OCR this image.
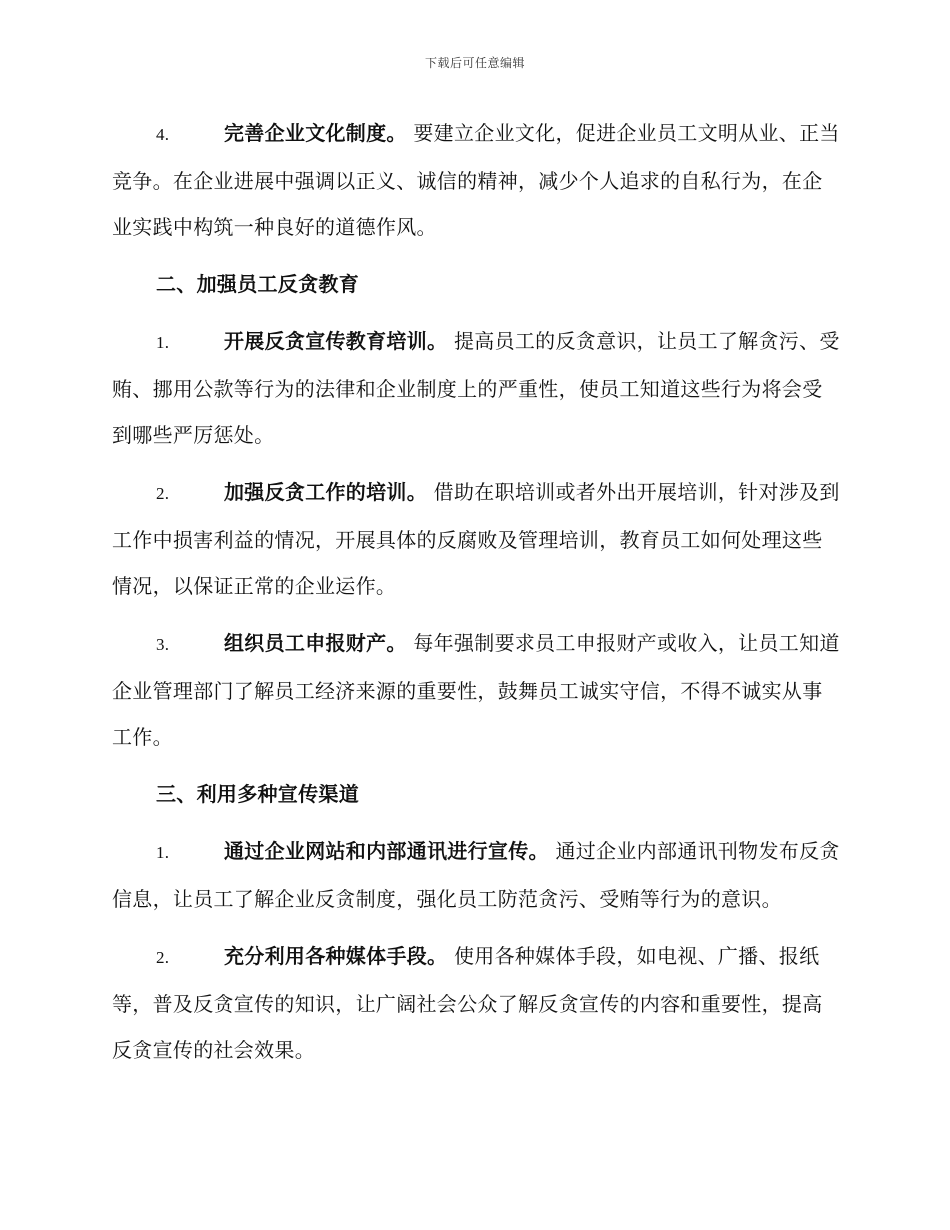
下载后可任意编辑

4.	完善企业文化制度。 要建立企业文化，促进企业员工文明从业、正当竞争。在企业进展中强调以正义、诚信的精神，减少个人追求的自私行为，在企业实践中构筑一种良好的道德作风。

二、加强员工反贪教育

1.	开展反贪宣传教育培训。 提高员工的反贪意识，让员工了解贪污、受贿、挪用公款等行为的法律和企业制度上的严重性，使员工知道这些行为将会受到哪些严厉惩处。

2.	加强反贪工作的培训。 借助在职培训或者外出开展培训，针对涉及到工作中损害利益的情况，开展具体的反腐败及管理培训，教育员工如何处理这些情况，以保证正常的企业运作。

3.	组织员工申报财产。 每年强制要求员工申报财产或收入，让员工知道企业管理部门了解员工经济来源的重要性，鼓舞员工诚实守信，不得不诚实从事工作。

三、利用多种宣传渠道

1.	通过企业网站和内部通讯进行宣传。 通过企业内部通讯刊物发布反贪信息，让员工了解企业反贪制度，强化员工防范贪污、受贿等行为的意识。

2.	充分利用各种媒体手段。 使用各种媒体手段，如电视、广播、报纸等，普及反贪宣传的知识，让广阔社会公众了解反贪宣传的内容和重要性，提高反贪宣传的社会效果。
